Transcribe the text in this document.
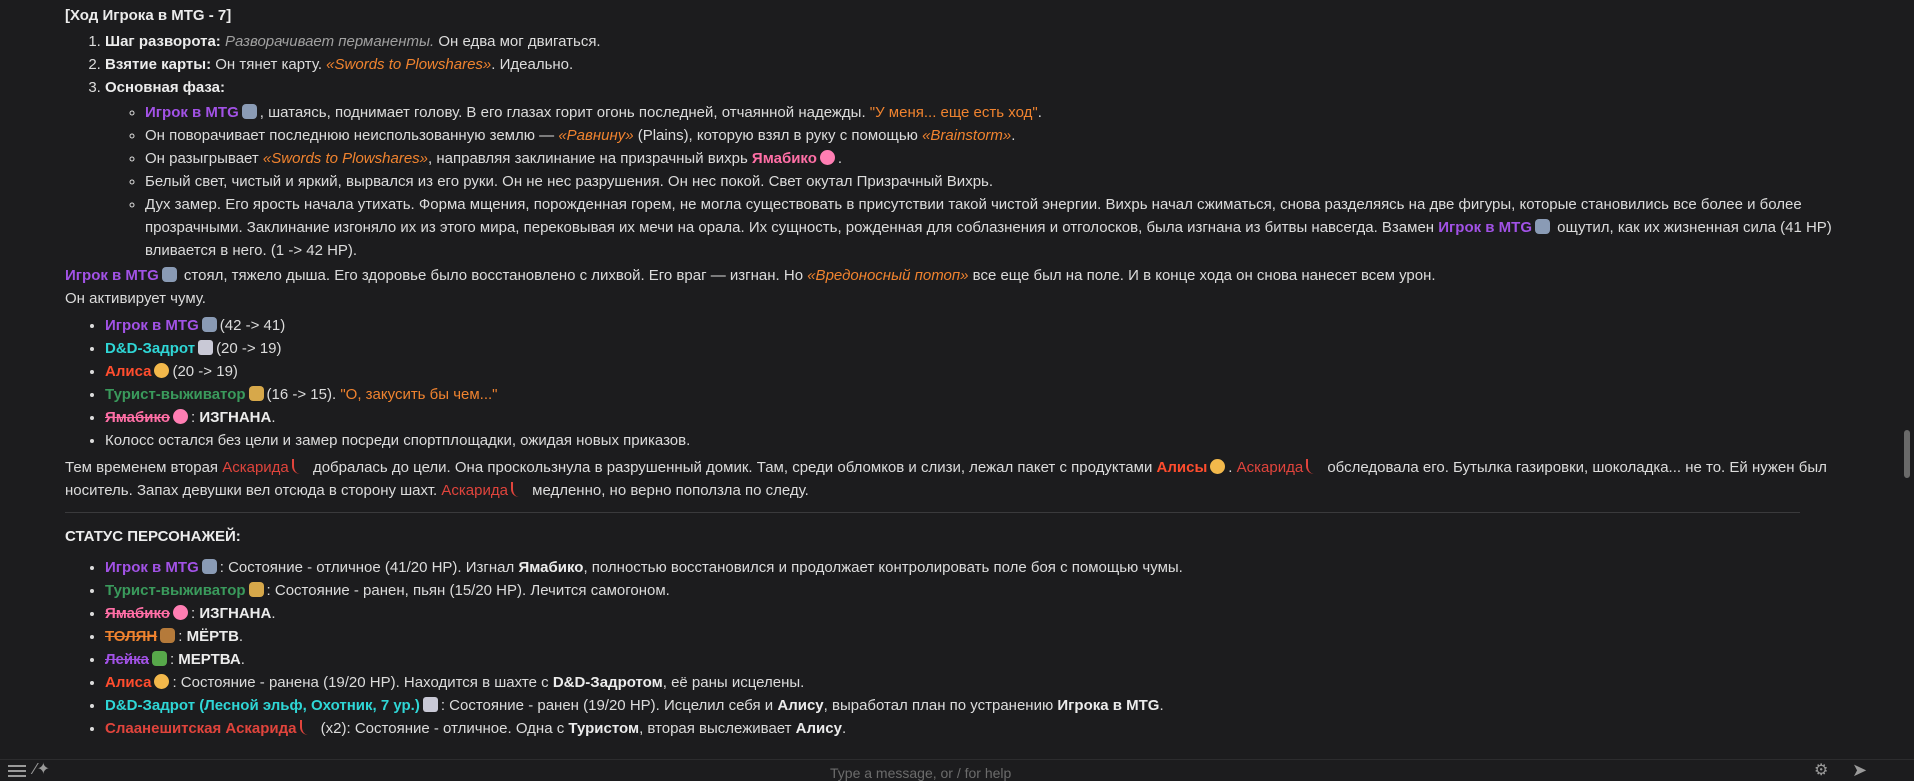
[Ход Игрока в MTG - 7]

1. Шаг разворота: Разворачивает перманенты. Он едва мог двигаться.
2. Взятие карты: Он тянет карту. «Swords to Plowshares». Идеально.
3. Основная фаза:
◦ Игрок в MTG , шатаясь, поднимает голову. В его глазах горит огонь последней, отчаянной надежды. "У меня... еще есть ход".
◦ Он поворачивает последнюю неиспользованную землю — «Равнину» (Plains), которую взял в руку с помощью «Brainstorm».
◦ Он разыгрывает «Swords to Plowshares», направляя заклинание на призрачный вихрь Ямабико .
◦ Белый свет, чистый и яркий, вырвался из его руки. Он не нес разрушения. Он нес покой. Свет окутал Призрачный Вихрь.
◦ Дух замер. Его ярость начала утихать. Форма мщения, порожденная горем, не могла существовать в присутствии такой чистой энергии. Вихрь начал сжиматься, снова разделяясь на две фигуры, которые становились все более и более прозрачными. Заклинание изгоняло их из этого мира, перековывая их мечи на орала. Их сущность, рожденная для соблазнения и отголосков, была изгнана из битвы навсегда. Взамен Игрок в MTG ощутил, как их жизненная сила (41 HP) вливается в него. (1 -> 42 HP).

Игрок в MTG стоял, тяжело дыша. Его здоровье было восстановлено с лихвой. Его враг — изгнан. Но «Вредоносный потоп» все еще был на поле. И в конце хода он снова нанесет всем урон.

Он активирует чуму.

• Игрок в MTG (42 -> 41)
• D&D-Задрот (20 -> 19)
• Алиса (20 -> 19)
• Турист-выживатор (16 -> 15). "О, закусить бы чем..."
• Ямабико : ИЗГНАНА.
• Колосс остался без цели и замер посреди спортплощадки, ожидая новых приказов.

Тем временем вторая Аскарида добралась до цели. Она проскользнула в разрушенный домик. Там, среди обломков и слизи, лежал пакет с продуктами Алисы . Аскарида обследовала его. Бутылка газировки, шоколадка... не то. Ей нужен был носитель. Запах девушки вел отсюда в сторону шахт. Аскарида медленно, но верно поползла по следу.

СТАТУС ПЕРСОНАЖЕЙ:

• Игрок в MTG : Состояние - отличное (41/20 HP). Изгнал Ямабико, полностью восстановился и продолжает контролировать поле боя с помощью чумы.
• Турист-выживатор : Состояние - ранен, пьян (15/20 HP). Лечится самогоном.
• Ямабико : ИЗГНАНА.
• ТОЛЯН : МЁРТВ.
• Лейка : МЕРТВА.
• Алиса : Состояние - ранена (19/20 HP). Находится в шахте с D&D-Задротом, её раны исцелены.
• D&D-Задрот (Лесной эльф, Охотник, 7 ур.) : Состояние - ранен (19/20 HP). Исцелил себя и Алису, выработал план по устранению Игрока в MTG.
• Слаанешитская Аскарида (x2): Состояние - отличное. Одна с Туристом, вторая выслеживает Алису.
⁄✦	Type a message, or / for help	⚙ ➤
